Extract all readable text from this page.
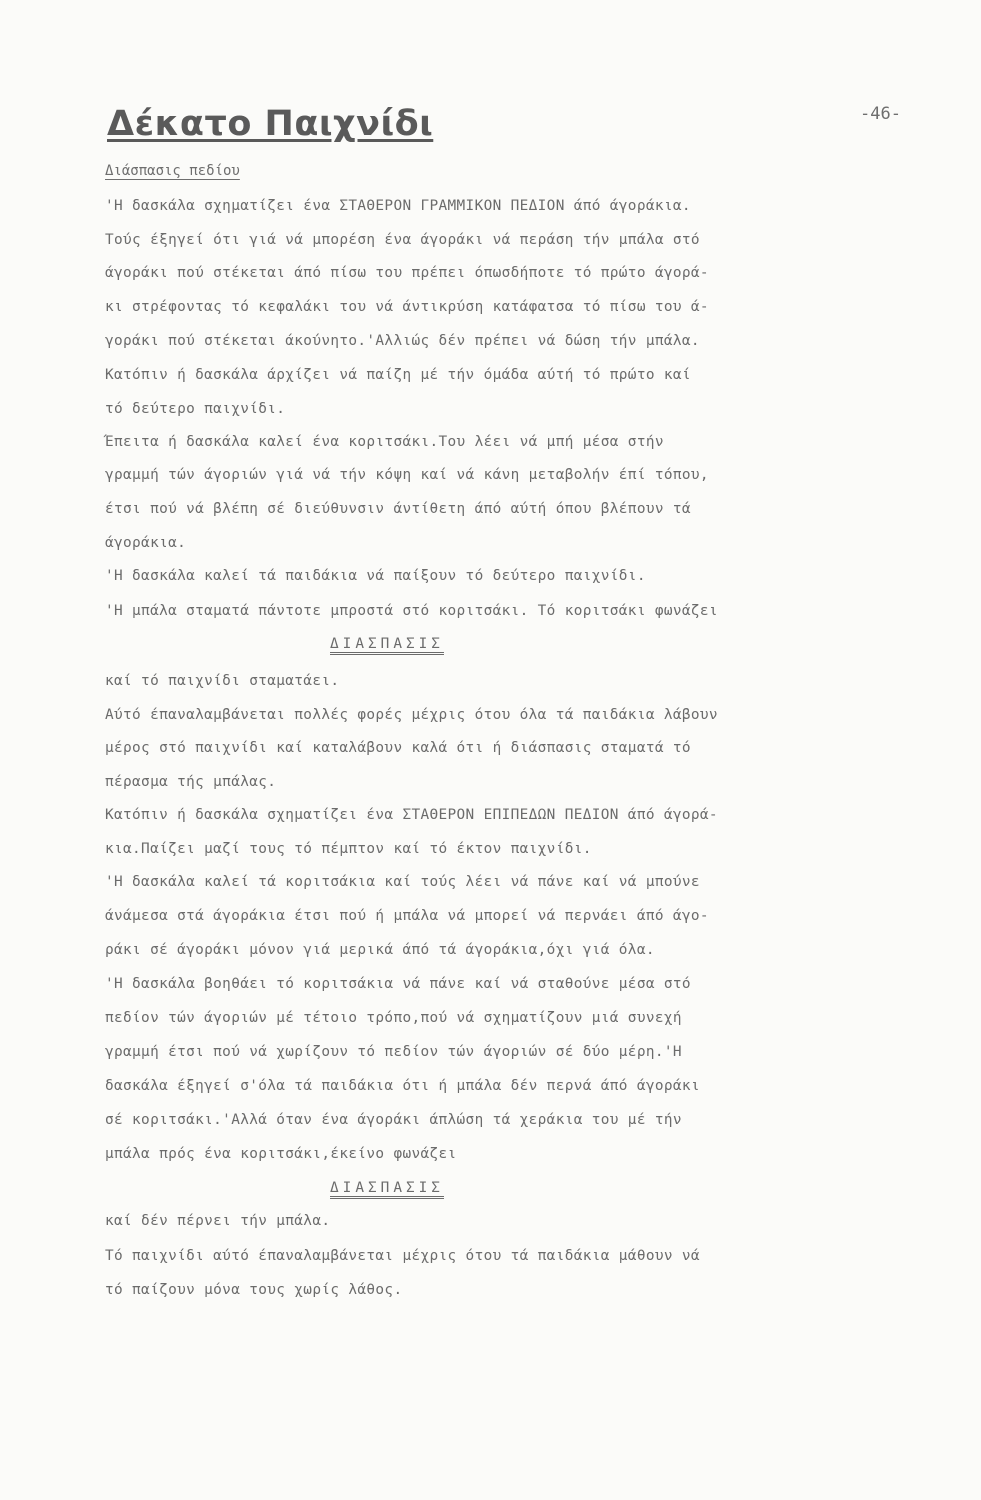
Δέκατο Παιχνίδι	-46-
Διάσπασις πεδίου
'Η δασκάλα σχηματίζει ένα ΣΤΑΘΕΡΟΝ ΓΡΑΜΜΙΚΟΝ ΠΕΔΙΟΝ άπό άγοράκια.
Τούς έξηγεί ότι γιά νά μπορέση ένα άγοράκι νά περάση τήν μπάλα στό
άγοράκι πού στέκεται άπό πίσω του πρέπει όπωσδήποτε τό πρώτο άγορά-
κι στρέφοντας τό κεφαλάκι του νά άντικρύση κατάφατσα τό πίσω του ά-
γοράκι πού στέκεται άκούνητο.'Αλλιώς δέν πρέπει νά δώση τήν μπάλα.
Κατόπιν ή δασκάλα άρχίζει νά παίζη μέ τήν όμάδα αύτή τό πρώτο καί
τό δεύτερο παιχνίδι.
Έπειτα ή δασκάλα καλεί ένα κοριτσάκι.Του λέει νά μπή μέσα στήν
γραμμή τών άγοριών γιά νά τήν κόψη καί νά κάνη μεταβολήν έπί τόπου,
έτσι πού νά βλέπη σέ διεύθυνσιν άντίθετη άπό αύτή όπου βλέπουν τά
άγοράκια.
'Η δασκάλα καλεί τά παιδάκια νά παίξουν τό δεύτερο παιχνίδι.
'Η μπάλα σταματά πάντοτε μπροστά στό κοριτσάκι. Τό κοριτσάκι φωνάζει
ΔΙΑΣΠΑΣΙΣ
καί τό παιχνίδι σταματάει.
Αύτό έπαναλαμβάνεται πολλές φορές μέχρις ότου όλα τά παιδάκια λάβουν
μέρος στό παιχνίδι καί καταλάβουν καλά ότι ή διάσπασις σταματά τό
πέρασμα τής μπάλας.
Κατόπιν ή δασκάλα σχηματίζει ένα ΣΤΑΘΕΡΟΝ ΕΠΙΠΕΔΩΝ ΠΕΔΙΟΝ άπό άγορά-
κια.Παίζει μαζί τους τό πέμπτον καί τό έκτον παιχνίδι.
'Η δασκάλα καλεί τά κοριτσάκια καί τούς λέει νά πάνε καί νά μπούνε
άνάμεσα στά άγοράκια έτσι πού ή μπάλα νά μπορεί νά περνάει άπό άγο-
ράκι σέ άγοράκι μόνον γιά μερικά άπό τά άγοράκια,όχι γιά όλα.
'Η δασκάλα βοηθάει τό κοριτσάκια νά πάνε καί νά σταθούνε μέσα στό
πεδίον τών άγοριών μέ τέτοιο τρόπο,πού νά σχηματίζουν μιά συνεχή
γραμμή έτσι πού νά χωρίζουν τό πεδίον τών άγοριών σέ δύο μέρη.'Η
δασκάλα έξηγεί σ'όλα τά παιδάκια ότι ή μπάλα δέν περνά άπό άγοράκι
σέ κοριτσάκι.'Αλλά όταν ένα άγοράκι άπλώση τά χεράκια του μέ τήν
μπάλα πρός ένα κοριτσάκι,έκείνο φωνάζει
ΔΙΑΣΠΑΣΙΣ
καί δέν πέρνει τήν μπάλα.
Τό παιχνίδι αύτό έπαναλαμβάνεται μέχρις ότου τά παιδάκια μάθουν νά
τό παίζουν μόνα τους χωρίς λάθος.
